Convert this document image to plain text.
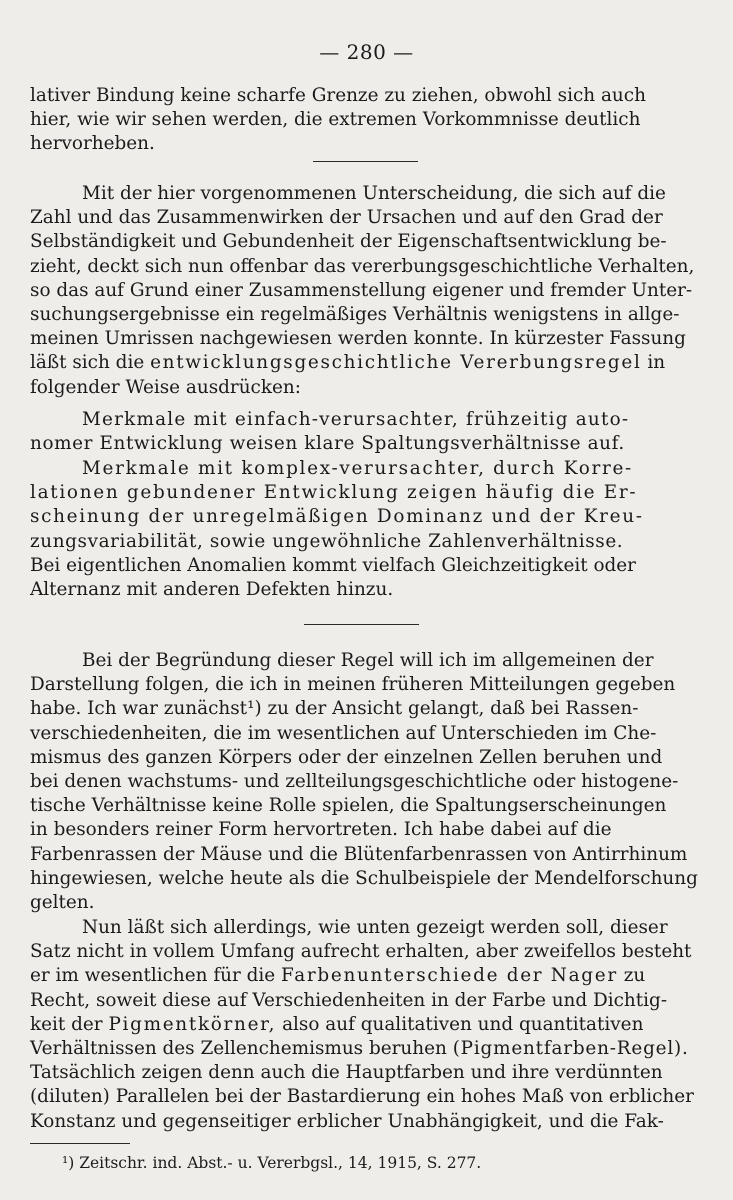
— 280 —

lativer Bindung keine scharfe Grenze zu ziehen, obwohl sich auch
hier, wie wir sehen werden, die extremen Vorkommnisse deutlich
hervorheben.

Mit der hier vorgenommenen Unterscheidung, die sich auf die
Zahl und das Zusammenwirken der Ursachen und auf den Grad der
Selbständigkeit und Gebundenheit der Eigenschaftsentwicklung be-
zieht, deckt sich nun offenbar das vererbungsgeschichtliche Verhalten,
so das auf Grund einer Zusammenstellung eigener und fremder Unter-
suchungsergebnisse ein regelmäßiges Verhältnis wenigstens in allge-
meinen Umrissen nachgewiesen werden konnte. In kürzester Fassung
läßt sich die entwicklungsgeschichtliche Vererbungsregel in
folgender Weise ausdrücken:

Merkmale mit einfach-verursachter, frühzeitig auto-
nomer Entwicklung weisen klare Spaltungsverhältnisse auf.

Merkmale mit komplex-verursachter, durch Korre-
lationen gebundener Entwicklung zeigen häufig die Er-
scheinung der unregelmäßigen Dominanz und der Kreu-
zungsvariabilität, sowie ungewöhnliche Zahlenverhältnisse.

Bei eigentlichen Anomalien kommt vielfach Gleichzeitigkeit oder
Alternanz mit anderen Defekten hinzu.

Bei der Begründung dieser Regel will ich im allgemeinen der
Darstellung folgen, die ich in meinen früheren Mitteilungen gegeben
habe. Ich war zunächst¹) zu der Ansicht gelangt, daß bei Rassen-
verschiedenheiten, die im wesentlichen auf Unterschieden im Che-
mismus des ganzen Körpers oder der einzelnen Zellen beruhen und
bei denen wachstums- und zellteilungsgeschichtliche oder histogene-
tische Verhältnisse keine Rolle spielen, die Spaltungserscheinungen
in besonders reiner Form hervortreten. Ich habe dabei auf die
Farbenrassen der Mäuse und die Blütenfarbenrassen von Antirrhinum
hingewiesen, welche heute als die Schulbeispiele der Mendelforschung
gelten.

Nun läßt sich allerdings, wie unten gezeigt werden soll, dieser
Satz nicht in vollem Umfang aufrecht erhalten, aber zweifellos besteht
er im wesentlichen für die Farbenunterschiede der Nager zu
Recht, soweit diese auf Verschiedenheiten in der Farbe und Dichtig-
keit der Pigmentkörner, also auf qualitativen und quantitativen
Verhältnissen des Zellenchemismus beruhen (Pigmentfarben-Regel).
Tatsächlich zeigen denn auch die Hauptfarben und ihre verdünnten
(diluten) Parallelen bei der Bastardierung ein hohes Maß von erblicher
Konstanz und gegenseitiger erblicher Unabhängigkeit, und die Fak-

¹) Zeitschr. ind. Abst.- u. Vererbgsl., 14, 1915, S. 277.
